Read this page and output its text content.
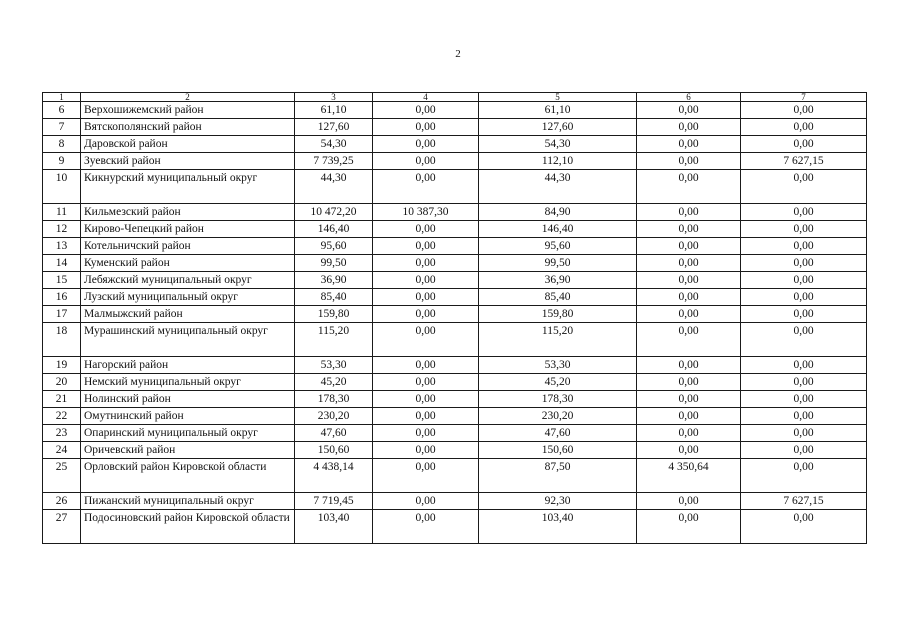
2
1	2	3	4	5	6	7
6	Верхошижемский район	61,10	0,00	61,10	0,00	0,00
7	Вятскополянский район	127,60	0,00	127,60	0,00	0,00
8	Даровской район	54,30	0,00	54,30	0,00	0,00
9	Зуевский район	7 739,25	0,00	112,10	0,00	7 627,15
10	Кикнурский муниципальный округ	44,30	0,00	44,30	0,00	0,00
11	Кильмезский район	10 472,20	10 387,30	84,90	0,00	0,00
12	Кирово-Чепецкий район	146,40	0,00	146,40	0,00	0,00
13	Котельничский район	95,60	0,00	95,60	0,00	0,00
14	Куменский район	99,50	0,00	99,50	0,00	0,00
15	Лебяжский муниципальный округ	36,90	0,00	36,90	0,00	0,00
16	Лузский муниципальный округ	85,40	0,00	85,40	0,00	0,00
17	Малмыжский район	159,80	0,00	159,80	0,00	0,00
18	Мурашинский муниципальный округ	115,20	0,00	115,20	0,00	0,00
19	Нагорский район	53,30	0,00	53,30	0,00	0,00
20	Немский муниципальный округ	45,20	0,00	45,20	0,00	0,00
21	Нолинский район	178,30	0,00	178,30	0,00	0,00
22	Омутнинский район	230,20	0,00	230,20	0,00	0,00
23	Опаринский муниципальный округ	47,60	0,00	47,60	0,00	0,00
24	Оричевский район	150,60	0,00	150,60	0,00	0,00
25	Орловский район Кировской области	4 438,14	0,00	87,50	4 350,64	0,00
26	Пижанский муниципальный округ	7 719,45	0,00	92,30	0,00	7 627,15
27	Подосиновский район Кировской области	103,40	0,00	103,40	0,00	0,00
